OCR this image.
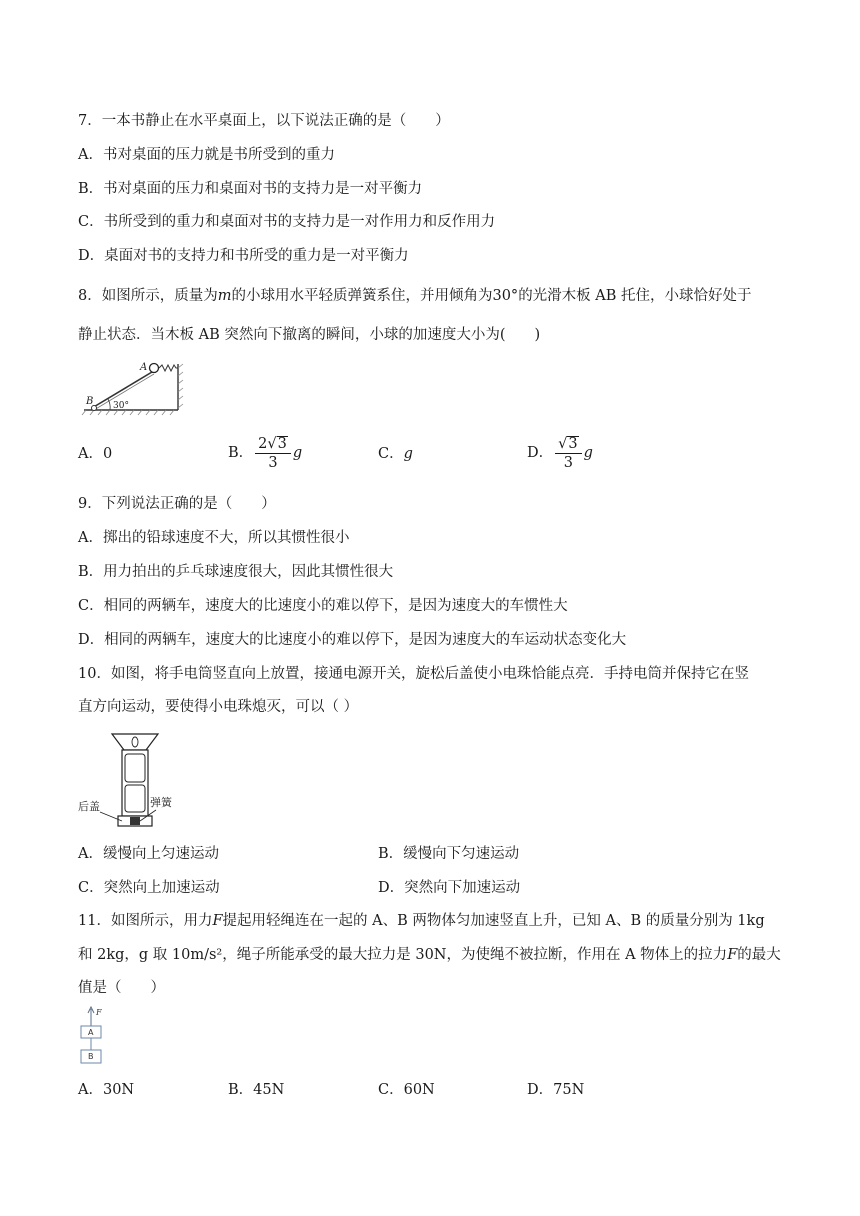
7．一本书静止在水平桌面上，以下说法正确的是（　　）
A．书对桌面的压力就是书所受到的重力
B．书对桌面的压力和桌面对书的支持力是一对平衡力
C．书所受到的重力和桌面对书的支持力是一对作用力和反作用力
D．桌面对书的支持力和书所受的重力是一对平衡力
8．如图所示，质量为m的小球用水平轻质弹簧系住，并用倾角为30°的光滑木板 AB 托住，小球恰好处于
静止状态．当木板 AB 突然向下撤离的瞬间，小球的加速度大小为(　　)
A
B 30°
A．0	B． $\frac{2√3}{3}$ g	C．g	D． $\frac{√3}{3}$ g
9．下列说法正确的是（　　）
A．掷出的铅球速度不大，所以其惯性很小
B．用力拍出的乒乓球速度很大，因此其惯性很大
C．相同的两辆车，速度大的比速度小的难以停下，是因为速度大的车惯性大
D．相同的两辆车，速度大的比速度小的难以停下，是因为速度大的车运动状态变化大
10．如图，将手电筒竖直向上放置，接通电源开关，旋松后盖使小电珠恰能点亮．手持电筒并保持它在竖
直方向运动，要使得小电珠熄灭，可以（ ）
后盖	弹簧
A．缓慢向上匀速运动	B．缓慢向下匀速运动
C．突然向上加速运动	D．突然向下加速运动
11．如图所示，用力F提起用轻绳连在一起的 A、B 两物体匀加速竖直上升，已知 A、B 的质量分别为 1kg
和 2kg，g 取 10m/s²，绳子所能承受的最大拉力是 30N，为使绳不被拉断，作用在 A 物体上的拉力F的最大
值是（　　）
F
A
B
A．30N	B．45N	C．60N	D．75N
